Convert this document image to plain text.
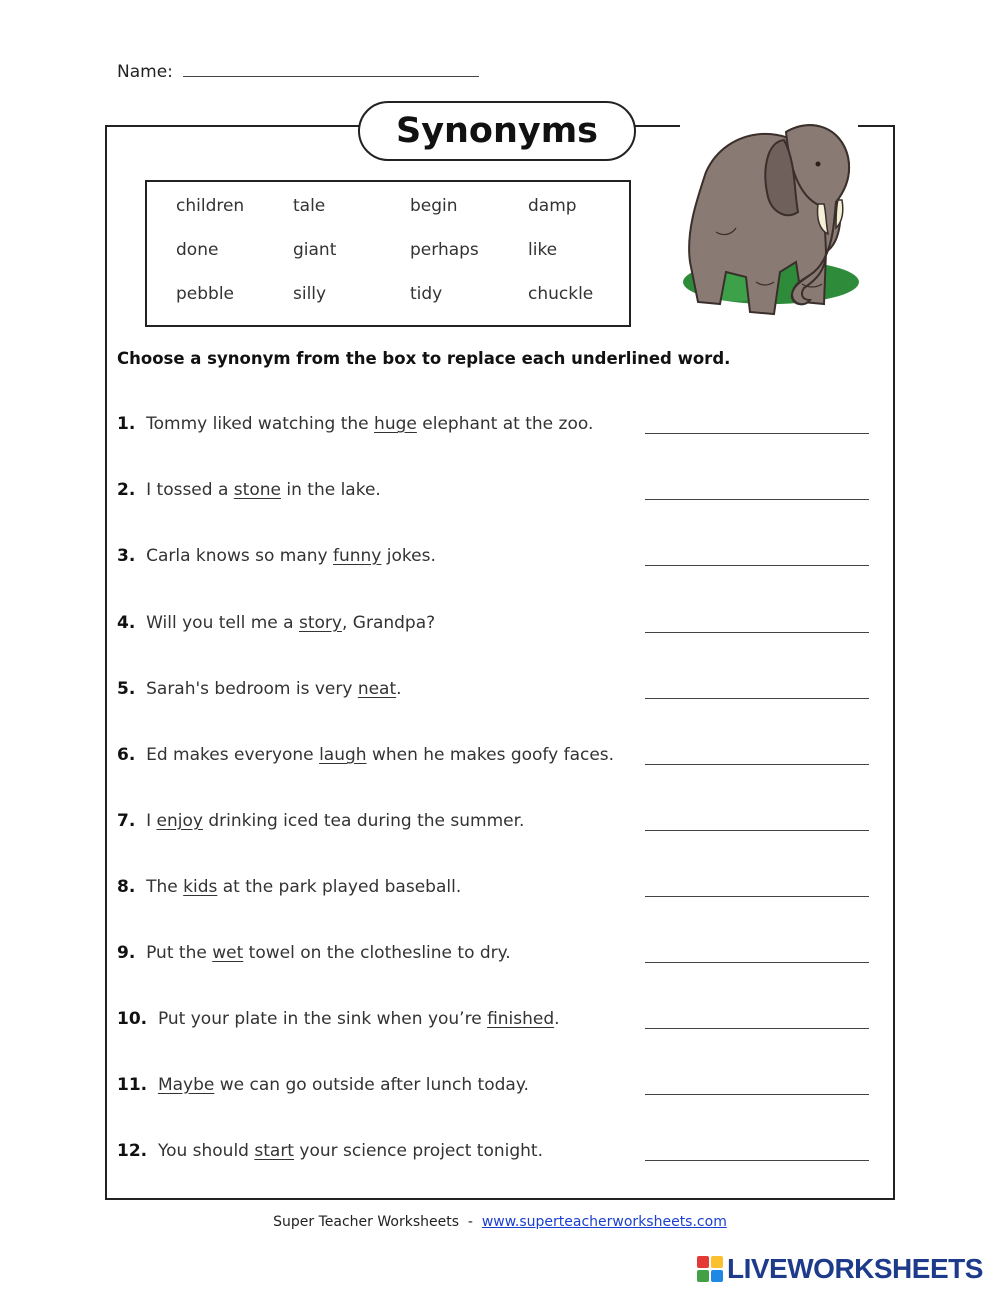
Name:
Synonyms
children	tale	begin	damp
done	giant	perhaps	like
pebble	silly	tidy	chuckle
Choose a synonym from the box to replace each underlined word.
1. Tommy liked watching the huge elephant at the zoo.
2. I tossed a stone in the lake.
3. Carla knows so many funny jokes.
4. Will you tell me a story, Grandpa?
5. Sarah's bedroom is very neat.
6. Ed makes everyone laugh when he makes goofy faces.
7. I enjoy drinking iced tea during the summer.
8. The kids at the park played baseball.
9. Put the wet towel on the clothesline to dry.
10. Put your plate in the sink when you’re finished.
11. Maybe we can go outside after lunch today.
12. You should start your science project tonight.
Super Teacher Worksheets  -  www.superteacherworksheets.com
LIVEWORKSHEETS
